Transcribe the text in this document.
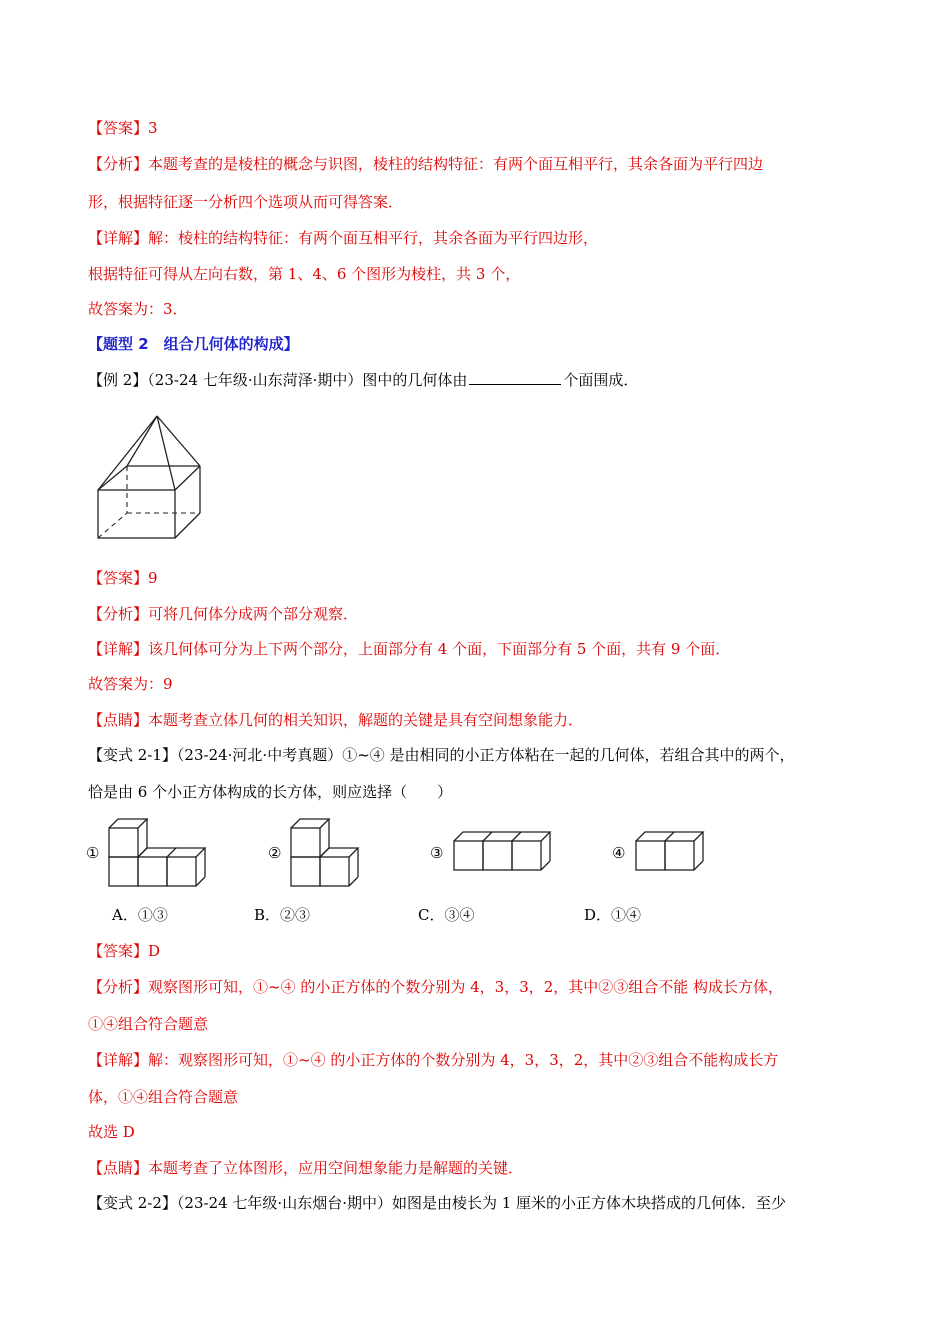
【答案】3
【分析】本题考查的是棱柱的概念与识图，棱柱的结构特征：有两个面互相平行，其余各面为平行四边
形，根据特征逐一分析四个选项从而可得答案．
【详解】解：棱柱的结构特征：有两个面互相平行，其余各面为平行四边形，
根据特征可得从左向右数，第 1、4、6 个图形为棱柱，共 3 个，
故答案为：3．
【题型 2　组合几何体的构成】
【例 2】（23-24 七年级·山东菏泽·期中）图中的几何体由	个面围成．
【答案】9
【分析】可将几何体分成两个部分观察．
【详解】该几何体可分为上下两个部分，上面部分有 4 个面，下面部分有 5 个面，共有 9 个面．
故答案为：9
【点睛】本题考查立体几何的相关知识，解题的关键是具有空间想象能力．
【变式 2-1】（23-24·河北·中考真题）①~④ 是由相同的小正方体粘在一起的几何体，若组合其中的两个，
恰是由 6 个小正方体构成的长方体，则应选择（　　）
①	②	③	④
A．①③	B．②③	C．③④	D．①④
【答案】D
【分析】观察图形可知，①~④ 的小正方体的个数分别为 4，3，3，2，其中②③组合不能 构成长方体，
①④组合符合题意
【详解】解：观察图形可知，①~④ 的小正方体的个数分别为 4，3，3，2，其中②③组合不能构成长方
体，①④组合符合题意
故选 D
【点睛】本题考查了立体图形，应用空间想象能力是解题的关键．
【变式 2-2】（23-24 七年级·山东烟台·期中）如图是由棱长为 1 厘米的小正方体木块搭成的几何体．至少
